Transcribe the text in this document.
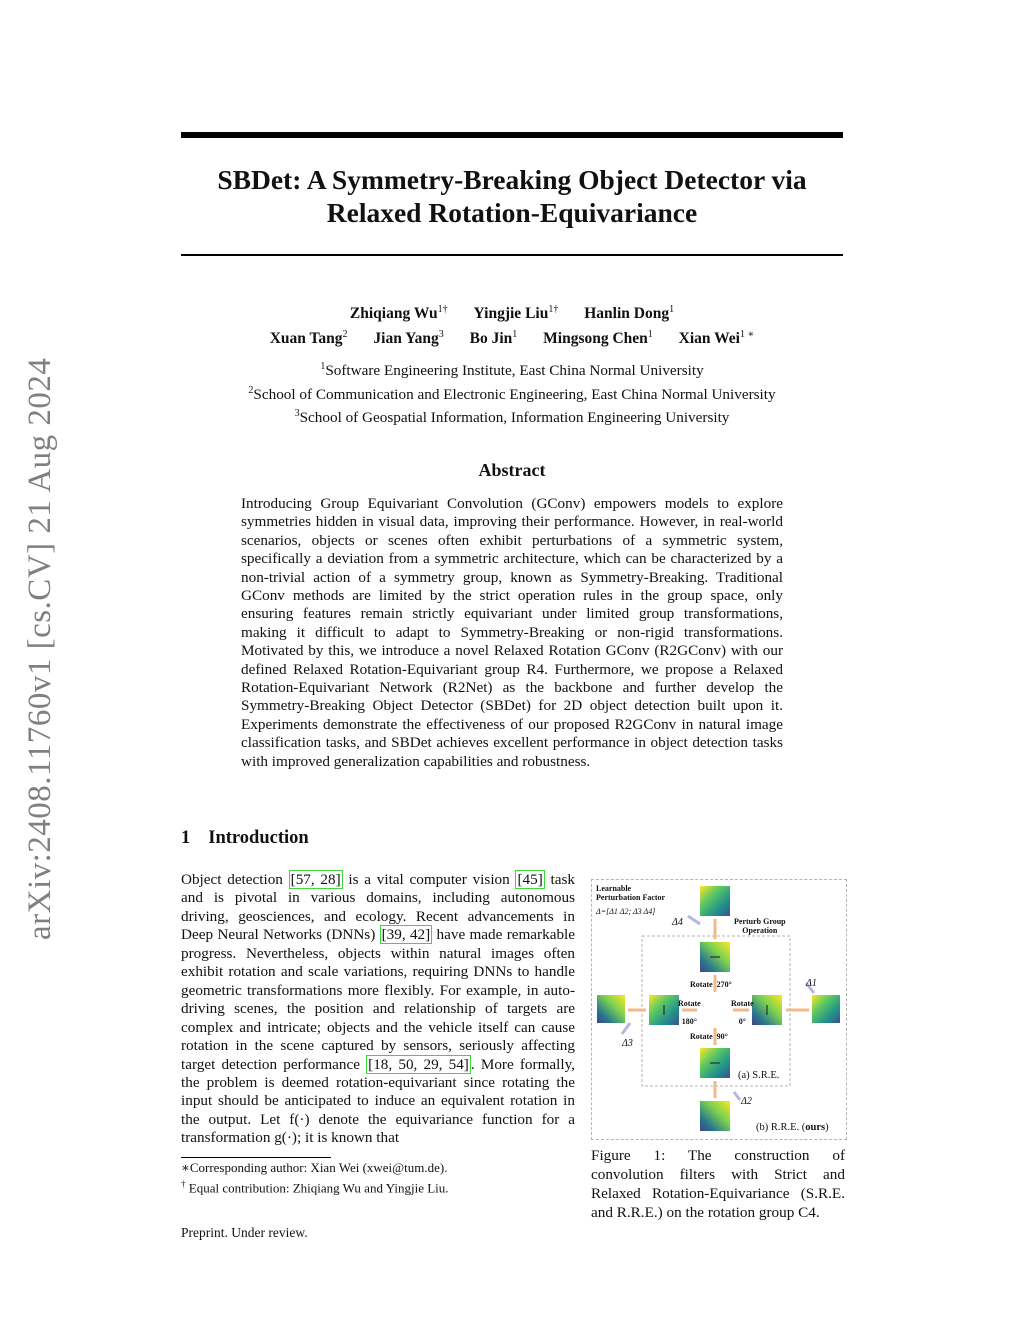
arXiv:2408.11760v1 [cs.CV] 21 Aug 2024
SBDet: A Symmetry-Breaking Object Detector via
Relaxed Rotation-Equivariance
Zhiqiang $Wu^{1\dagger}$ Yingjie Liu$^{1\dagger}$ Hanlin Dong$^1$
Xuan Tang$^2$ Jian Yang$^3$ Bo Jin$^1$ Mingsong Chen$^1$ Xian Wei$^{1 ∗}$
$^1$Software Engineering Institute, East China Normal University
$^2$School of Communication and Electronic Engineering, East China Normal University
$^3$School of Geospatial Information, Information Engineering University
Abstract

Introducing Group Equivariant Convolution (GConv) empowers models to explore symmetries hidden in visual data, improving their performance. However, in real-world scenarios, objects or scenes often exhibit perturbations of a symmetric system, specifically a deviation from a symmetric architecture, which can be characterized by a non-trivial action of a symmetry group, known as Symmetry-Breaking. Traditional GConv methods are limited by the strict operation rules in the group space, only ensuring features remain strictly equivariant under limited group transformations, making it difficult to adapt to Symmetry-Breaking or non-rigid transformations. Motivated by this, we introduce a novel Relaxed Rotation GConv (R2GConv) with our defined Relaxed Rotation-Equivariant group R4. Furthermore, we propose a Relaxed Rotation-Equivariant Network (R2Net) as the backbone and further develop the Symmetry-Breaking Object Detector (SBDet) for 2D object detection built upon it. Experiments demonstrate the effectiveness of our proposed R2GConv in natural image classification tasks, and SBDet achieves excellent performance in object detection tasks with improved generalization capabilities and robustness.

1 Introduction

Object detection [57, 28] is a vital computer vision [45] task and is pivotal in various domains, including autonomous driving, geosciences, and ecology. Recent advancements in Deep Neural Networks (DNNs) [39, 42] have made remarkable progress. Nevertheless, objects within natural images often exhibit rotation and scale variations, requiring DNNs to handle geometric transformations more flexibly. For example, in auto-driving scenes, the position and relationship of targets are complex and intricate; objects and the vehicle itself can cause rotation in the scene captured by sensors, seriously affecting target detection performance [18, 50, 29, 54] . More formally, the problem is deemed rotation-equivariant since rotating the input should be anticipated to induce an equivalent rotation in the output. Let f(·) denote the equivariance function for a transformation g(·); it is known that

∗Corresponding author: Xian Wei (xwei@tum.de).

† Equal contribution: Zhiqiang Wu and Yingjie Liu.

Preprint. Under review.

Learnable
Perturbation Factor
Δ=[Δ1 Δ2; Δ3 Δ4]
Δ4	Perturb Group
Operation
Rotate 270°
Rotate

180°
Rotate

0°
Rotate 90°
Δ1
Δ3
Δ2
(a) S.R.E.
(b) R.R.E. (ours)

Figure 1: The construction of convolution filters with Strict and Relaxed Rotation-Equivariance (S.R.E. and R.R.E.) on the rotation group C4.
